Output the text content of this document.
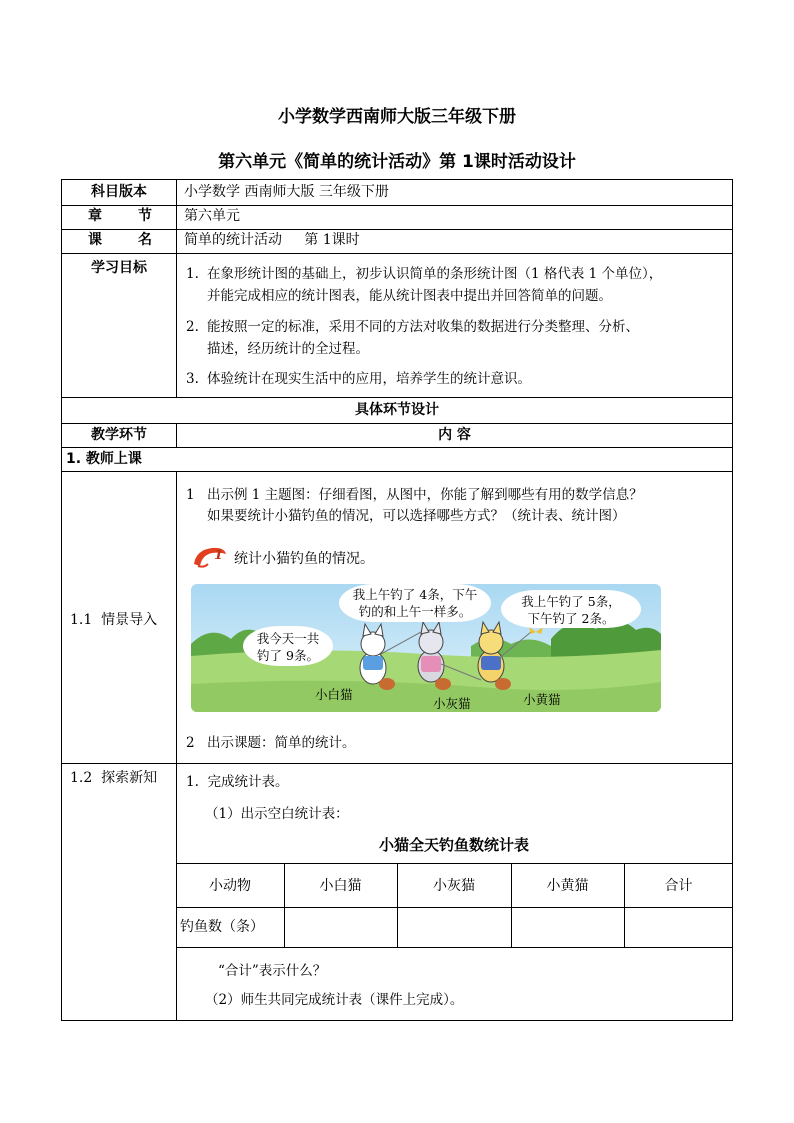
小学数学西南师大版三年级下册
第六单元《简单的统计活动》第 1课时活动设计
科目版本	小学数学 西南师大版 三年级下册
章	节 第六单元
课	名 简单的统计活动     第 1课时
学习目标	1. 在象形统计图的基础上，初步认识简单的条形统计图（1 格代表 1 个单位），
并能完成相应的统计图表，能从统计图表中提出并回答简单的问题。
2. 能按照一定的标准，采用不同的方法对收集的数据进行分类整理、分析、
描述，经历统计的全过程。
3. 体验统计在现实生活中的应用，培养学生的统计意识。
具体环节设计
教学环节	内 容
1. 教师上课
1.1  情景导入
1 出示例 1 主题图：仔细看图，从图中，你能了解到哪些有用的数学信息？
如果要统计小猫钓鱼的情况，可以选择哪些方式？（统计表、统计图）
1 统计小猫钓鱼的情况。
我今天一共
钓了 9条。
我上午钓了 4条，下午
钓的和上午一样多。
我上午钓了 5条，
下午钓了 2条。
小白猫
小灰猫	小黄猫
2 出示课题：简单的统计。
1.2  探索新知 1.  完成统计表。
（1）出示空白统计表：
小猫全天钓鱼数统计表
小动物	小白猫	小灰猫	小黄猫	合计
钓鱼数（条）
“合计”表示什么？
（2）师生共同完成统计表（课件上完成）。
